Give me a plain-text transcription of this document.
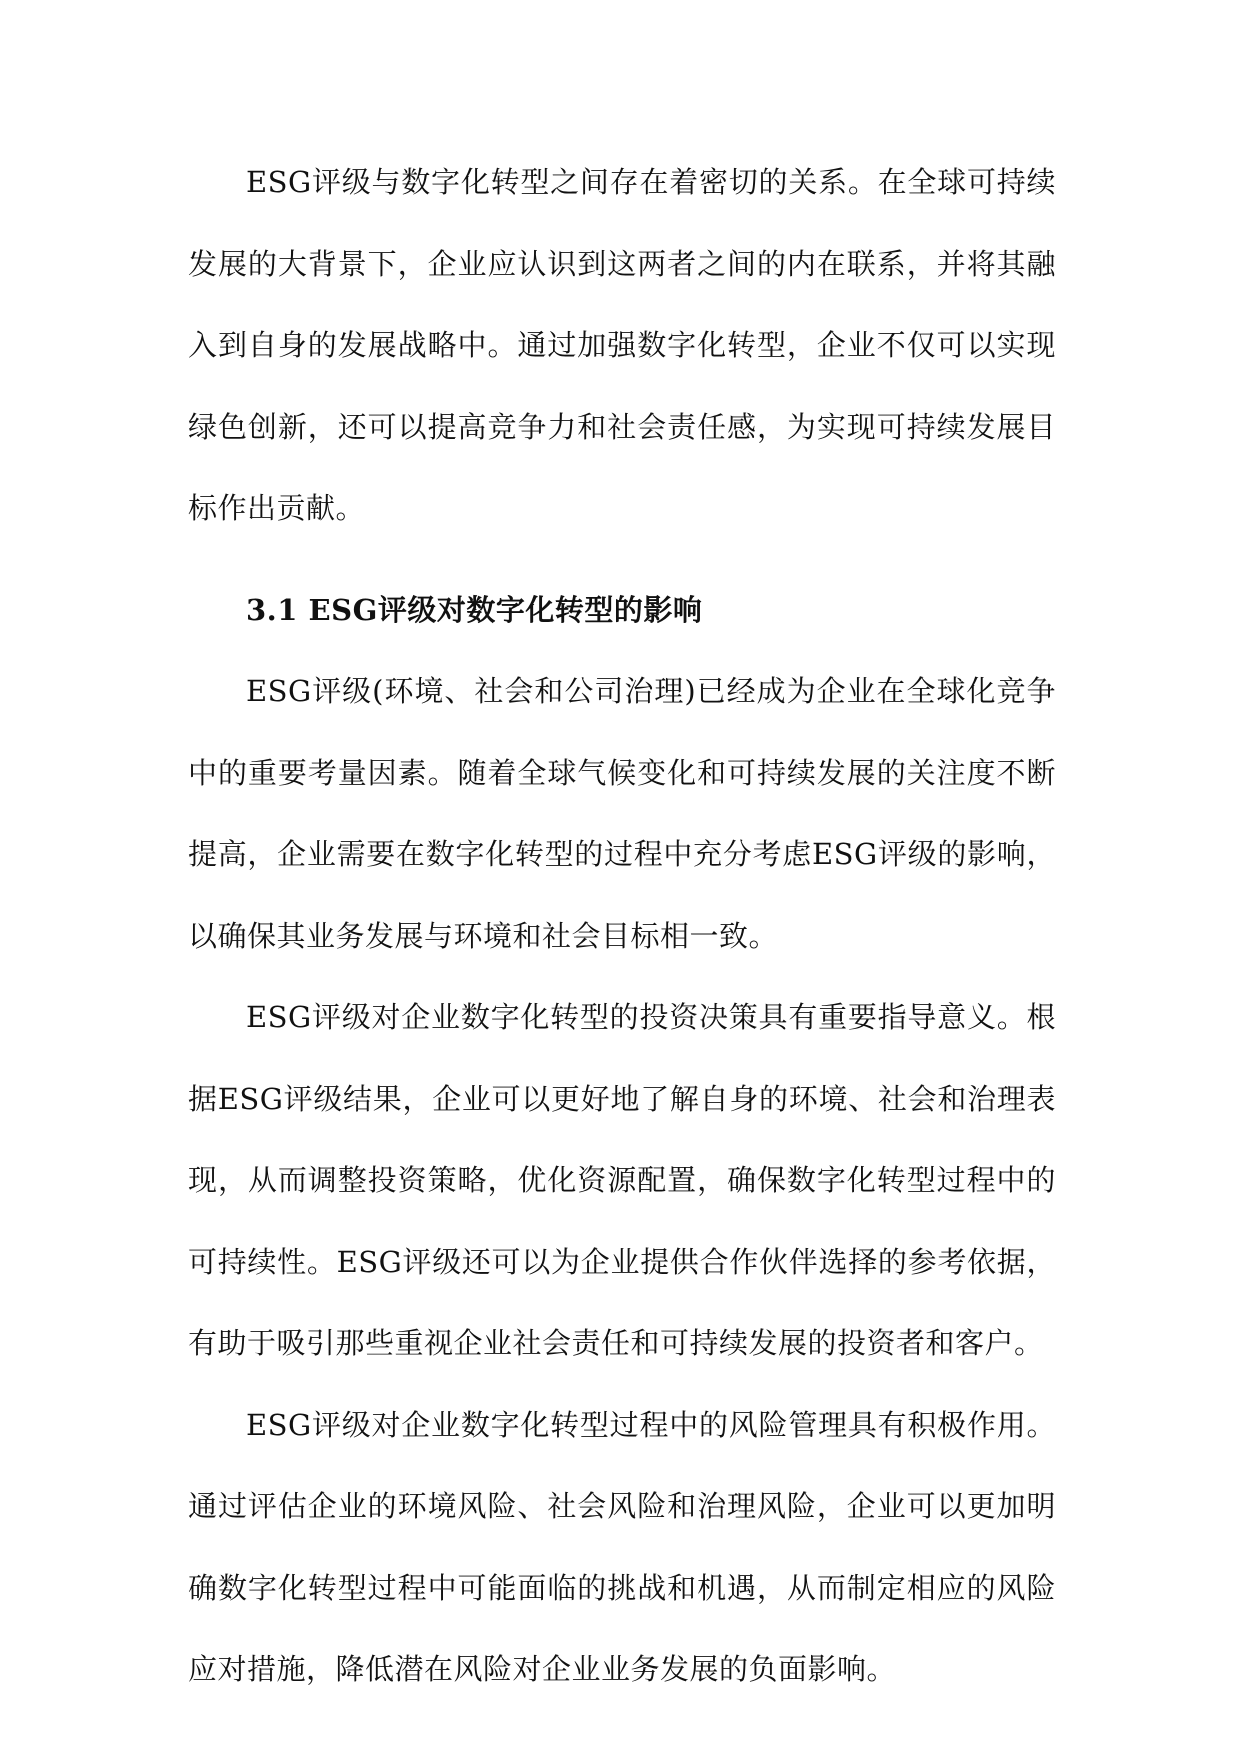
ESG评级与数字化转型之间存在着密切的关系。在全球可持续发展的大背景下，企业应认识到这两者之间的内在联系，并将其融入到自身的发展战略中。通过加强数字化转型，企业不仅可以实现绿色创新，还可以提高竞争力和社会责任感，为实现可持续发展目标作出贡献。

3.1 ESG评级对数字化转型的影响

ESG评级(环境、社会和公司治理)已经成为企业在全球化竞争中的重要考量因素。随着全球气候变化和可持续发展的关注度不断提高，企业需要在数字化转型的过程中充分考虑ESG评级的影响，以确保其业务发展与环境和社会目标相一致。

ESG评级对企业数字化转型的投资决策具有重要指导意义。根据ESG评级结果，企业可以更好地了解自身的环境、社会和治理表现，从而调整投资策略，优化资源配置，确保数字化转型过程中的可持续性。ESG评级还可以为企业提供合作伙伴选择的参考依据，有助于吸引那些重视企业社会责任和可持续发展的投资者和客户。

ESG评级对企业数字化转型过程中的风险管理具有积极作用。通过评估企业的环境风险、社会风险和治理风险，企业可以更加明确数字化转型过程中可能面临的挑战和机遇，从而制定相应的风险应对措施，降低潜在风险对企业业务发展的负面影响。
